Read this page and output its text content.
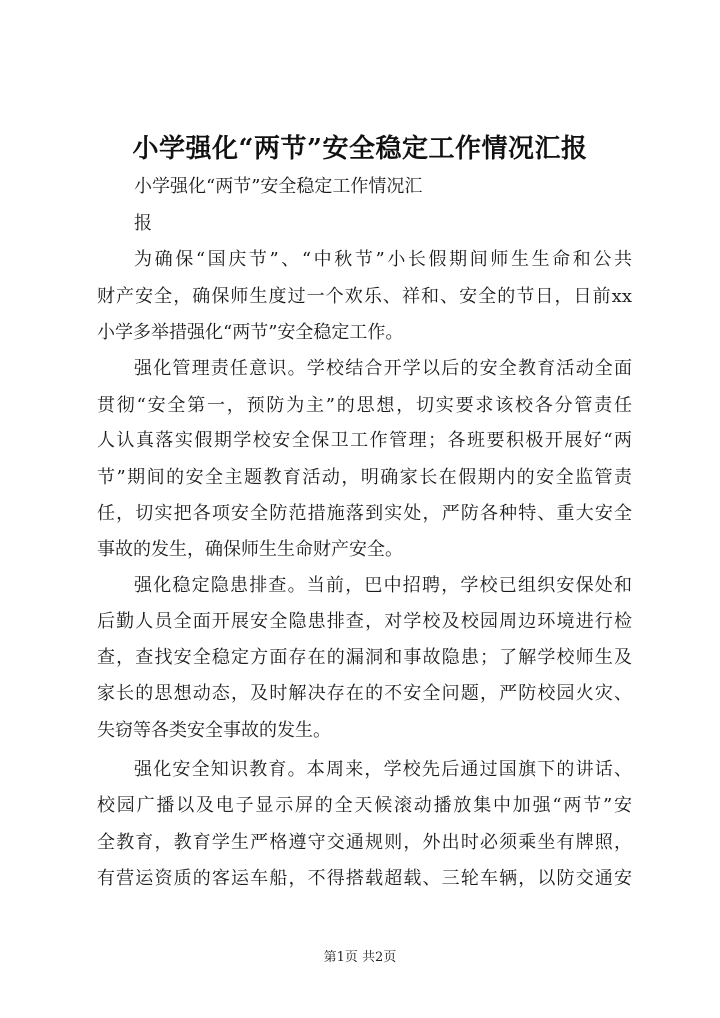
小学强化“两节”安全稳定工作情况汇报
小学强化“两节”安全稳定工作情况汇
报
为确保“国庆节”、“中秋节”小长假期间师生生命和公共
财产安全，确保师生度过一个欢乐、祥和、安全的节日，日前xx
小学多举措强化“两节”安全稳定工作。
强化管理责任意识。学校结合开学以后的安全教育活动全面
贯彻“安全第一，预防为主”的思想，切实要求该校各分管责任
人认真落实假期学校安全保卫工作管理；各班要积极开展好“两
节”期间的安全主题教育活动，明确家长在假期内的安全监管责
任，切实把各项安全防范措施落到实处，严防各种特、重大安全
事故的发生，确保师生生命财产安全。
强化稳定隐患排查。当前，巴中招聘，学校已组织安保处和
后勤人员全面开展安全隐患排查，对学校及校园周边环境进行检
查，查找安全稳定方面存在的漏洞和事故隐患；了解学校师生及
家长的思想动态，及时解决存在的不安全问题，严防校园火灾、
失窃等各类安全事故的发生。
强化安全知识教育。本周来，学校先后通过国旗下的讲话、
校园广播以及电子显示屏的全天候滚动播放集中加强“两节”安
全教育，教育学生严格遵守交通规则，外出时必须乘坐有牌照，
有营运资质的客运车船，不得搭载超载、三轮车辆，以防交通安
第1页 共2页
